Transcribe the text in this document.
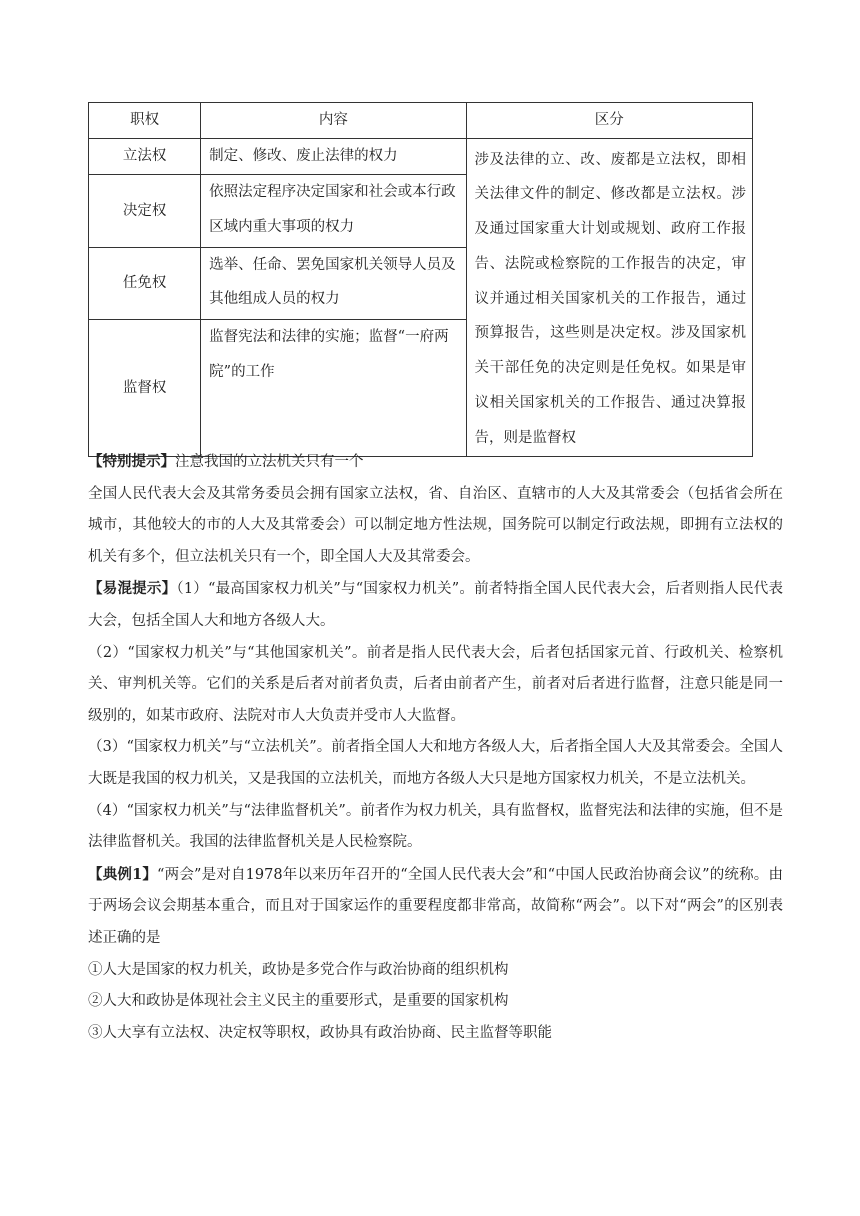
职权	内容	区分
立法权	制定、修改、废止法律的权力	涉及法律的立、改、废都是立法权，即相关法律文件的制定、修改都是立法权。涉及通过国家重大计划或规划、政府工作报告、法院或检察院的工作报告的决定，审议并通过相关国家机关的工作报告，通过预算报告，这些则是决定权。涉及国家机关干部任免的决定则是任免权。如果是审议相关国家机关的工作报告、通过决算报告，则是监督权
决定权	依照法定程序决定国家和社会或本行政区域内重大事项的权力	
任免权	选举、任命、罢免国家机关领导人员及其他组成人员的权力	
监督权	监督宪法和法律的实施；监督“一府两院”的工作	

【特别提示】注意我国的立法机关只有一个

全国人民代表大会及其常务委员会拥有国家立法权，省、自治区、直辖市的人大及其常委会（包括省会所在城市，其他较大的市的人大及其常委会）可以制定地方性法规，国务院可以制定行政法规，即拥有立法权的机关有多个，但立法机关只有一个，即全国人大及其常委会。

【易混提示】（1）“最高国家权力机关”与“国家权力机关”。前者特指全国人民代表大会，后者则指人民代表大会，包括全国人大和地方各级人大。

（2）“国家权力机关”与“其他国家机关”。前者是指人民代表大会，后者包括国家元首、行政机关、检察机关、审判机关等。它们的关系是后者对前者负责，后者由前者产生，前者对后者进行监督，注意只能是同一级别的，如某市政府、法院对市人大负责并受市人大监督。

（3）“国家权力机关”与“立法机关”。前者指全国人大和地方各级人大，后者指全国人大及其常委会。全国人大既是我国的权力机关，又是我国的立法机关，而地方各级人大只是地方国家权力机关，不是立法机关。

（4）“国家权力机关”与“法律监督机关”。前者作为权力机关，具有监督权，监督宪法和法律的实施，但不是法律监督机关。我国的法律监督机关是人民检察院。

【典例1】“两会”是对自1978年以来历年召开的“全国人民代表大会”和“中国人民政治协商会议”的统称。由于两场会议会期基本重合，而且对于国家运作的重要程度都非常高，故简称“两会”。以下对“两会”的区别表述正确的是

①人大是国家的权力机关，政协是多党合作与政治协商的组织机构

②人大和政协是体现社会主义民主的重要形式，是重要的国家机构

③人大享有立法权、决定权等职权，政协具有政治协商、民主监督等职能
